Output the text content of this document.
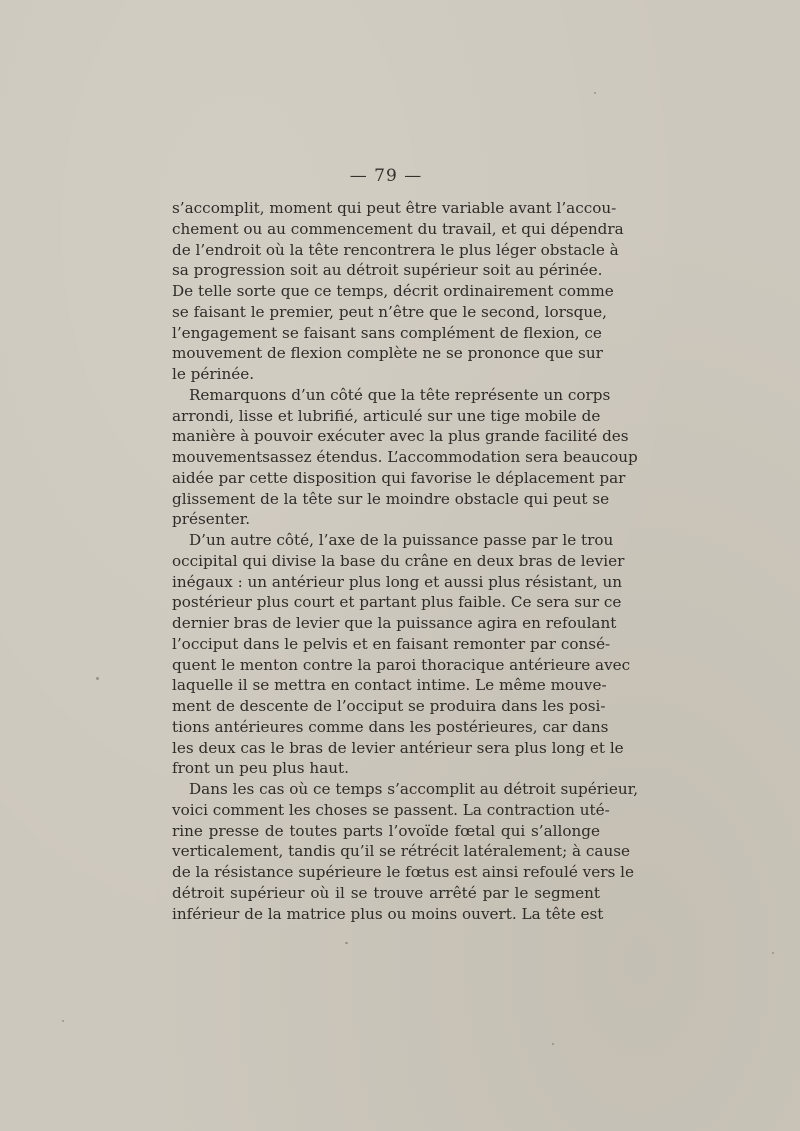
— 79 —
s’accomplit, moment qui peut être variable avant l’accou-
chement ou au commencement du travail, et qui dépendra
de l’endroit où la tête rencontrera le plus léger obstacle à
sa progression soit au détroit supérieur soit au périnée.
De telle sorte que ce temps, décrit ordinairement comme
se faisant le premier, peut n’être que le second, lorsque,
l’engagement se faisant sans complément de flexion, ce
mouvement de flexion complète ne se prononce que sur
le périnée.
Remarquons d’un côté que la tête représente un corps
arrondi, lisse et lubrifié, articulé sur une tige mobile de
manière à pouvoir exécuter avec la plus grande facilité des
mouvementsassez étendus. L’accommodation sera beaucoup
aidée par cette disposition qui favorise le déplacement par
glissement de la tête sur le moindre obstacle qui peut se
présenter.
D’un autre côté, l’axe de la puissance passe par le trou
occipital qui divise la base du crâne en deux bras de levier
inégaux : un antérieur plus long et aussi plus résistant, un
postérieur plus court et partant plus faible. Ce sera sur ce
dernier bras de levier que la puissance agira en refoulant
l’occiput dans le pelvis et en faisant remonter par consé-
quent le menton contre la paroi thoracique antérieure avec
laquelle il se mettra en contact intime. Le même mouve-
ment de descente de l’occiput se produira dans les posi-
tions antérieures comme dans les postérieures, car dans
les deux cas le bras de levier antérieur sera plus long et le
front un peu plus haut.
Dans les cas où ce temps s’accomplit au détroit supérieur,
voici comment les choses se passent. La contraction uté-
rine presse de toutes parts l’ovoïde fœtal qui s’allonge
verticalement, tandis qu’il se rétrécit latéralement; à cause
de la résistance supérieure le fœtus est ainsi refoulé vers le
détroit supérieur où il se trouve arrêté par le segment
inférieur de la matrice plus ou moins ouvert. La tête est
